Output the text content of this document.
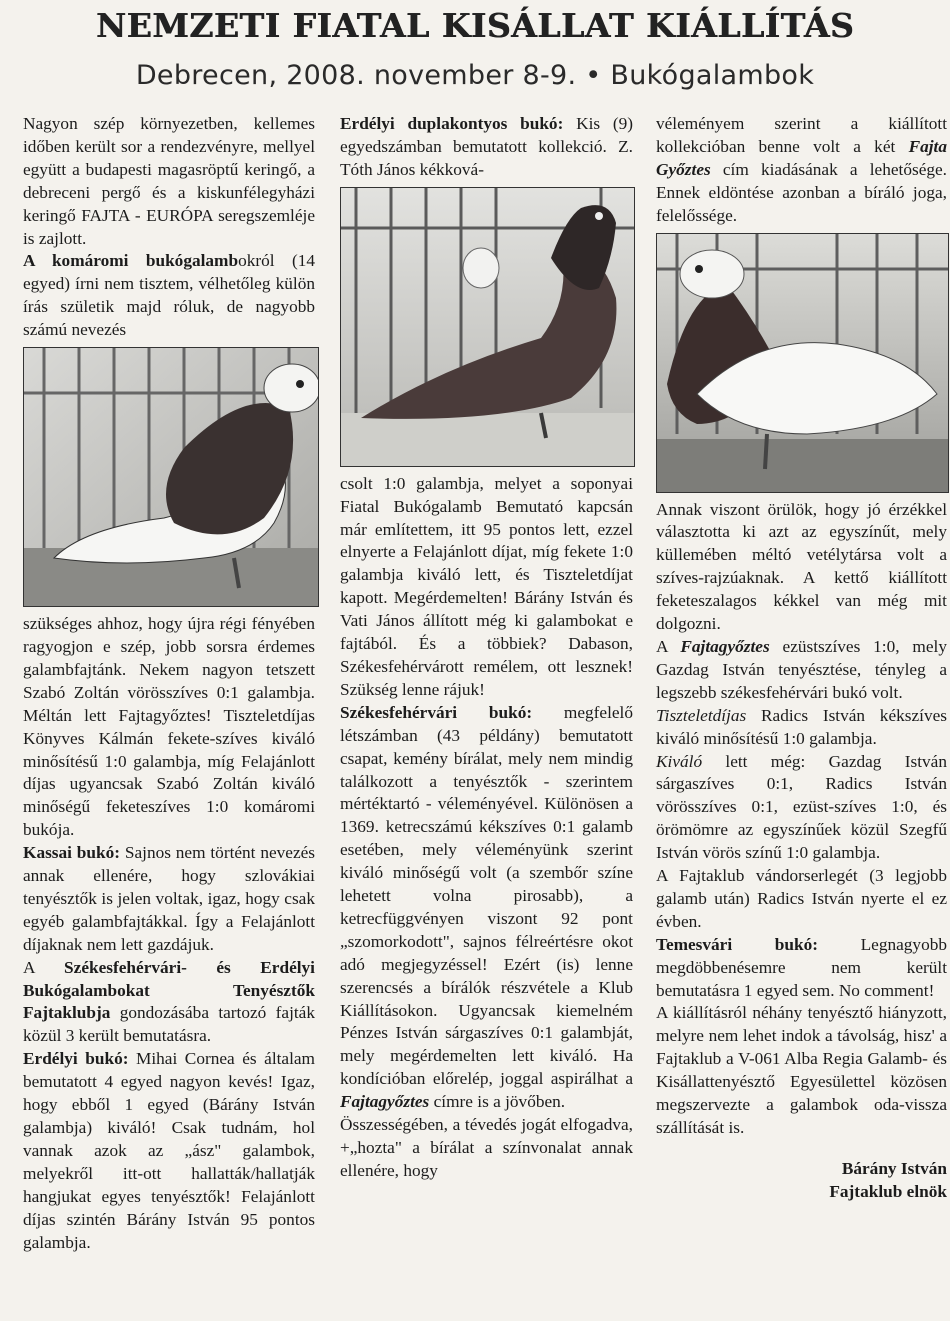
NEMZETI FIATAL KISÁLLAT KIÁLLÍTÁS
Debrecen, 2008. november 8-9. • Bukógalambok

Nagyon szép környezetben, kellemes időben került sor a rendezvényre, mellyel együtt a budapesti magasröptű keringő, a debreceni pergő és a kiskunfélegyházi keringő FAJTA - EURÓPA seregszemléje is zajlott.

A komáromi bukógalambokról (14 egyed) írni nem tisztem, vélhetőleg külön írás születik majd róluk, de nagyobb számú nevezés

szükséges ahhoz, hogy újra régi fényében ragyogjon e szép, jobb sorsra érdemes galambfajtánk. Nekem nagyon tetszett Szabó Zoltán vörösszíves 0:1 galambja. Méltán lett Fajtagyőztes! Tiszteletdíjas Könyves Kálmán fekete-szíves kiváló minősítésű 1:0 galambja, míg Felajánlott díjas ugyancsak Szabó Zoltán kiváló minőségű feketeszíves 1:0 komáromi bukója.

Kassai bukó: Sajnos nem történt nevezés annak ellenére, hogy szlovákiai tenyésztők is jelen voltak, igaz, hogy csak egyéb galambfajtákkal. Így a Felajánlott díjaknak nem lett gazdájuk.

A Székesfehérvári- és Erdélyi Bukógalambokat Tenyésztők Fajtaklubja gondozásába tartozó fajták közül 3 került bemutatásra.

Erdélyi bukó: Mihai Cornea és általam bemutatott 4 egyed nagyon kevés! Igaz, hogy ebből 1 egyed (Bárány István galambja) kiváló! Csak tudnám, hol vannak azok az „ász" galambok, melyekről itt-ott hallatták/hallatják hangjukat egyes tenyésztők! Felajánlott díjas szintén Bárány István 95 pontos galambja.

Erdélyi duplakontyos bukó: Kis (9) egyedszámban bemutatott kollekció. Z. Tóth János kékková-

csolt 1:0 galambja, melyet a soponyai Fiatal Bukógalamb Bemutató kapcsán már említettem, itt 95 pontos lett, ezzel elnyerte a Felajánlott díjat, míg fekete 1:0 galambja kiváló lett, és Tiszteletdíjat kapott. Megérdemelten! Bárány István és Vati János állított még ki galambokat e fajtából. És a többiek? Dabason, Székesfehérvárott remélem, ott lesznek! Szükség lenne rájuk!

Székesfehérvári bukó: megfelelő létszámban (43 példány) bemutatott csapat, kemény bírálat, mely nem mindig találkozott a tenyésztők - szerintem mértéktartó - véleményével. Különösen a 1369. ketrecszámú kékszíves 0:1 galamb esetében, mely véleményünk szerint kiváló minőségű volt (a szembőr színe lehetett volna pirosabb), a ketrecfüggvényen viszont 92 pont „szomorkodott", sajnos félreértésre okot adó megjegyzéssel! Ezért (is) lenne szerencsés a bírálók részvétele a Klub Kiállításokon. Ugyancsak kiemelném Pénzes István sárgaszíves 0:1 galambját, mely megérdemelten lett kiváló. Ha kondícióban előrelép, joggal aspirálhat a Fajtagyőztes címre is a jövőben.

Összességében, a tévedés jogát elfogadva, +„hozta" a bírálat a színvonalat annak ellenére, hogy

véleményem szerint a kiállított kollekcióban benne volt a két Fajta Győztes cím kiadásának a lehetősége. Ennek eldöntése azonban a bíráló joga, felelőssége.

Annak viszont örülök, hogy jó érzékkel választotta ki azt az egyszínűt, mely küllemében méltó vetélytársa volt a szíves-rajzúaknak. A kettő kiállított feketeszalagos kékkel van még mit dolgozni.

A Fajtagyőztes ezüstszíves 1:0, mely Gazdag István tenyésztése, tényleg a legszebb székesfehérvári bukó volt.

Tiszteletdíjas Radics István kékszíves kiváló minősítésű 1:0 galambja.

Kiváló lett még: Gazdag István sárgaszíves 0:1, Radics István vörösszíves 0:1, ezüst-szíves 1:0, és örömömre az egyszínűek közül Szegfű István vörös színű 1:0 galambja.

A Fajtaklub vándorserlegét (3 legjobb galamb után) Radics István nyerte el ez évben.

Temesvári bukó: Legnagyobb megdöbbenésemre nem került bemutatásra 1 egyed sem. No comment!

A kiállításról néhány tenyésztő hiányzott, melyre nem lehet indok a távolság, hisz' a Fajtaklub a V-061 Alba Regia Galamb- és Kisállattenyésztő Egyesülettel közösen megszervezte a galambok oda-vissza szállítását is.

Bárány István

Fajtaklub elnök
